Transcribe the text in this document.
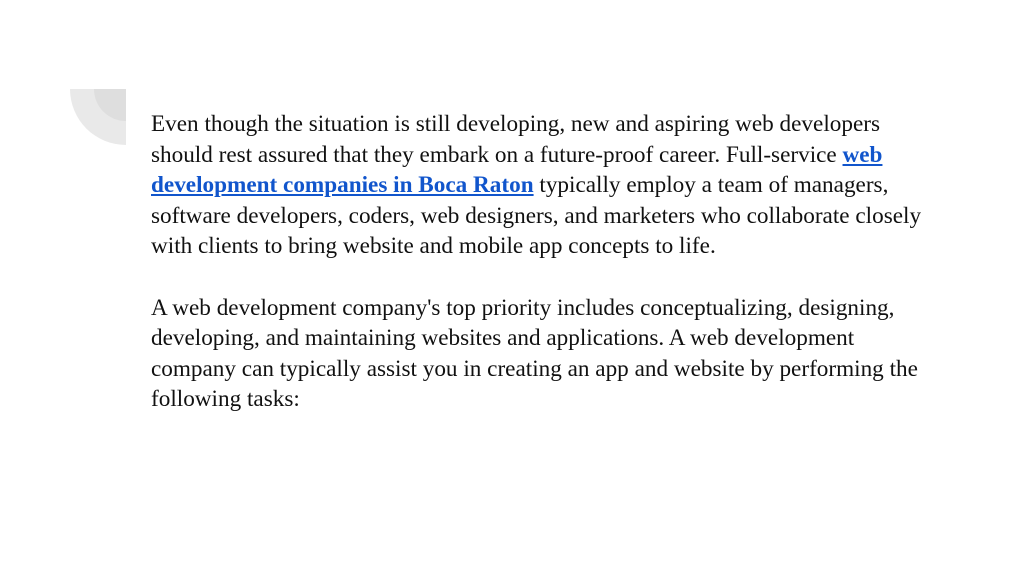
Even though the situation is still developing, new and aspiring web developers should rest assured that they embark on a future-proof career. Full-service web development companies in Boca Raton typically employ a team of managers, software developers, coders, web designers, and marketers who collaborate closely with clients to bring website and mobile app concepts to life.

A web development company's top priority includes conceptualizing, designing, developing, and maintaining websites and applications. A web development company can typically assist you in creating an app and website by performing the following tasks:
